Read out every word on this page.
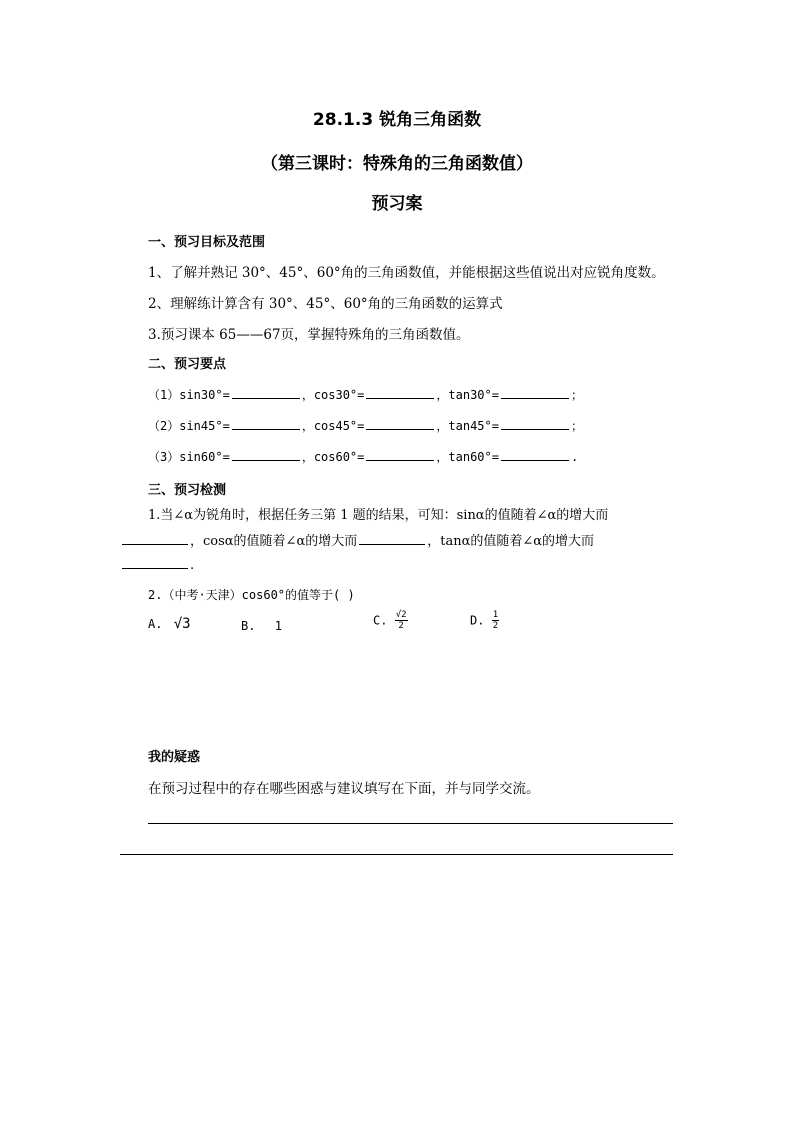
28.1.3 锐角三角函数
（第三课时：特殊角的三角函数值）
预习案
一、预习目标及范围
1、了解并熟记 30°、45°、60°角的三角函数值，并能根据这些值说出对应锐角度数。
2、理解练计算含有 30°、45°、60°角的三角函数的运算式
3.预习课本 65——67页，掌握特殊角的三角函数值。
二、预习要点
（1）sin30°=	，cos30°=	，tan30°=	；
（2）sin45°=	，cos45°=	，tan45°=	；
（3）sin60°=	，cos60°=	，tan60°=	.
三、预习检测
1.当∠α为锐角时，根据任务三第 1 题的结果，可知：sinα的值随着∠α的增大而
，cosα的值随着∠α的增大而	，tanα的值随着∠α的增大而
.
2.（中考·天津）cos60°的值等于( )
A. √3	B. 1	C. $\frac{√2}{2}$	D. $\frac{1}{2}$
我的疑惑
在预习过程中的存在哪些困惑与建议填写在下面，并与同学交流。
